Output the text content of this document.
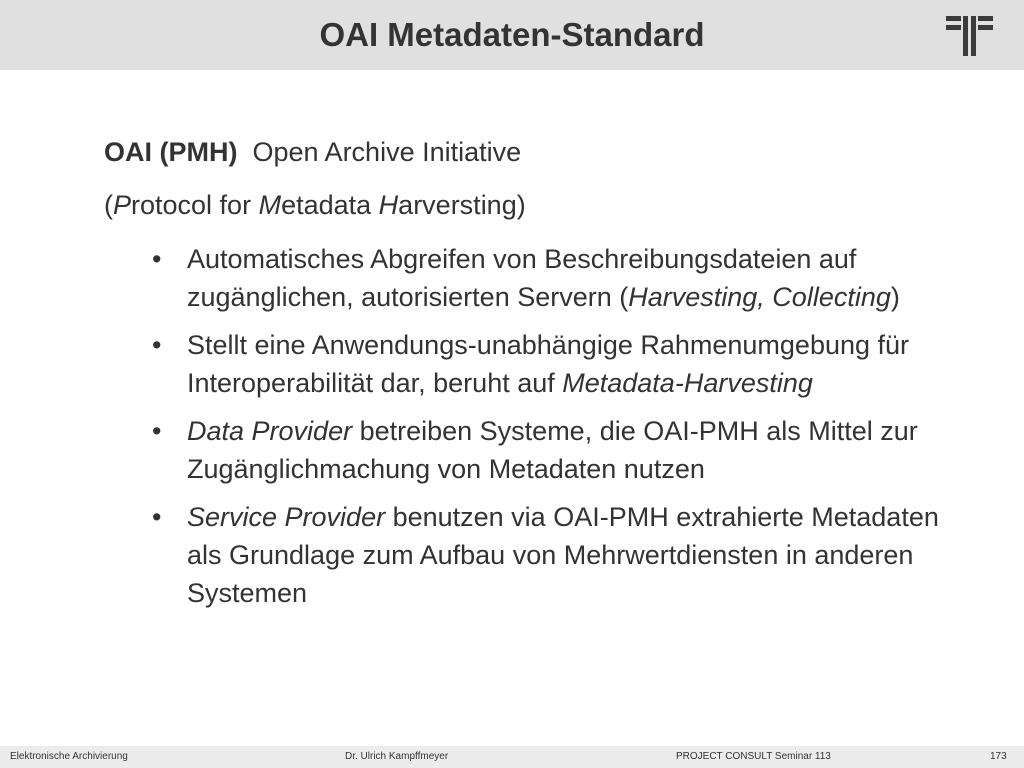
OAI Metadaten-Standard
OAI (PMH) Open Archive Initiative
(Protocol for Metadata Harversting)
• Automatisches Abgreifen von Beschreibungsdateien auf zugänglichen, autorisierten Servern (Harvesting, Collecting)
• Stellt eine Anwendungs-unabhängige Rahmenumgebung für Interoperabilität dar, beruht auf Metadata-Harvesting
• Data Provider betreiben Systeme, die OAI-PMH als Mittel zur Zugänglichmachung von Metadaten nutzen
• Service Provider benutzen via OAI-PMH extrahierte Metadaten als Grundlage zum Aufbau von Mehrwertdiensten in anderen Systemen
Elektronische Archivierung	Dr. Ulrich Kampffmeyer	PROJECT CONSULT Seminar 113	173
